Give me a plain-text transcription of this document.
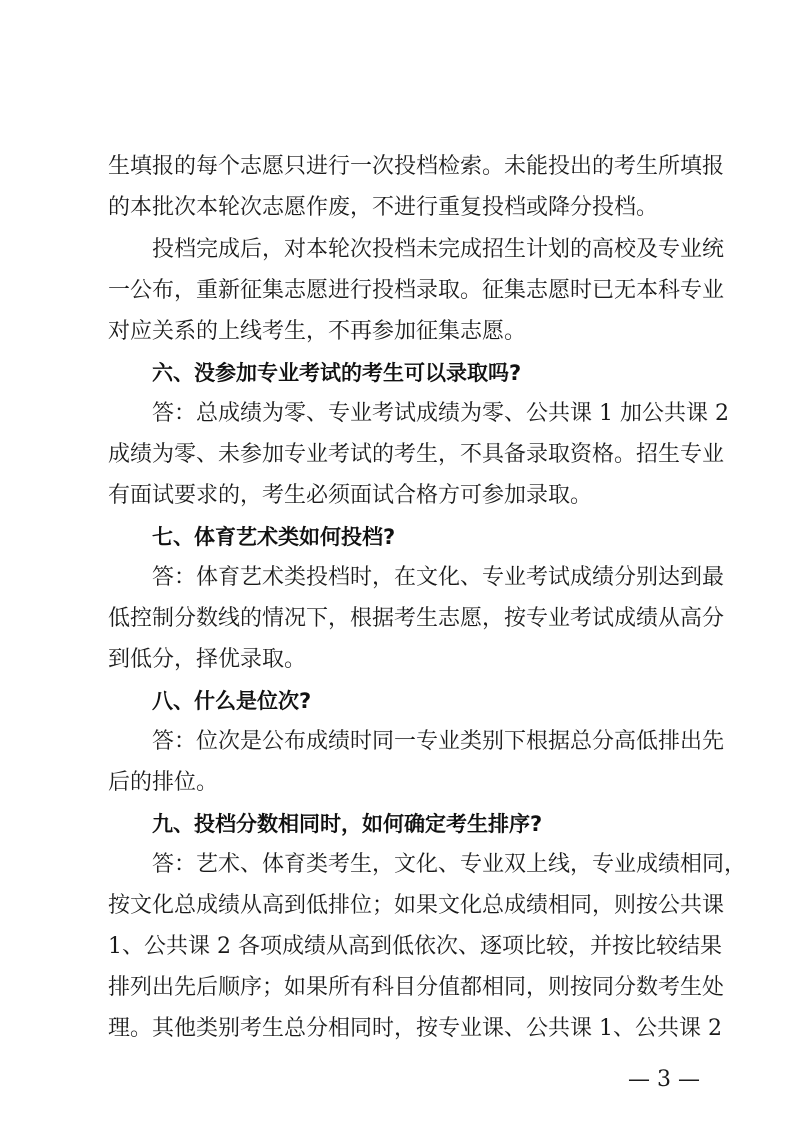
生填报的每个志愿只进行一次投档检索。未能投出的考生所填报
的本批次本轮次志愿作废，不进行重复投档或降分投档。
投档完成后，对本轮次投档未完成招生计划的高校及专业统
一公布，重新征集志愿进行投档录取。征集志愿时已无本科专业
对应关系的上线考生，不再参加征集志愿。
六、没参加专业考试的考生可以录取吗?
答：总成绩为零、专业考试成绩为零、公共课 1 加公共课 2
成绩为零、未参加专业考试的考生，不具备录取资格。招生专业
有面试要求的，考生必须面试合格方可参加录取。
七、体育艺术类如何投档?
答：体育艺术类投档时，在文化、专业考试成绩分别达到最
低控制分数线的情况下，根据考生志愿，按专业考试成绩从高分
到低分，择优录取。
八、什么是位次?
答：位次是公布成绩时同一专业类别下根据总分高低排出先
后的排位。
九、投档分数相同时，如何确定考生排序?
答：艺术、体育类考生，文化、专业双上线，专业成绩相同，
按文化总成绩从高到低排位；如果文化总成绩相同，则按公共课
1、公共课 2 各项成绩从高到低依次、逐项比较，并按比较结果
排列出先后顺序；如果所有科目分值都相同，则按同分数考生处
理。其他类别考生总分相同时，按专业课、公共课 1、公共课 2
— 3 —
